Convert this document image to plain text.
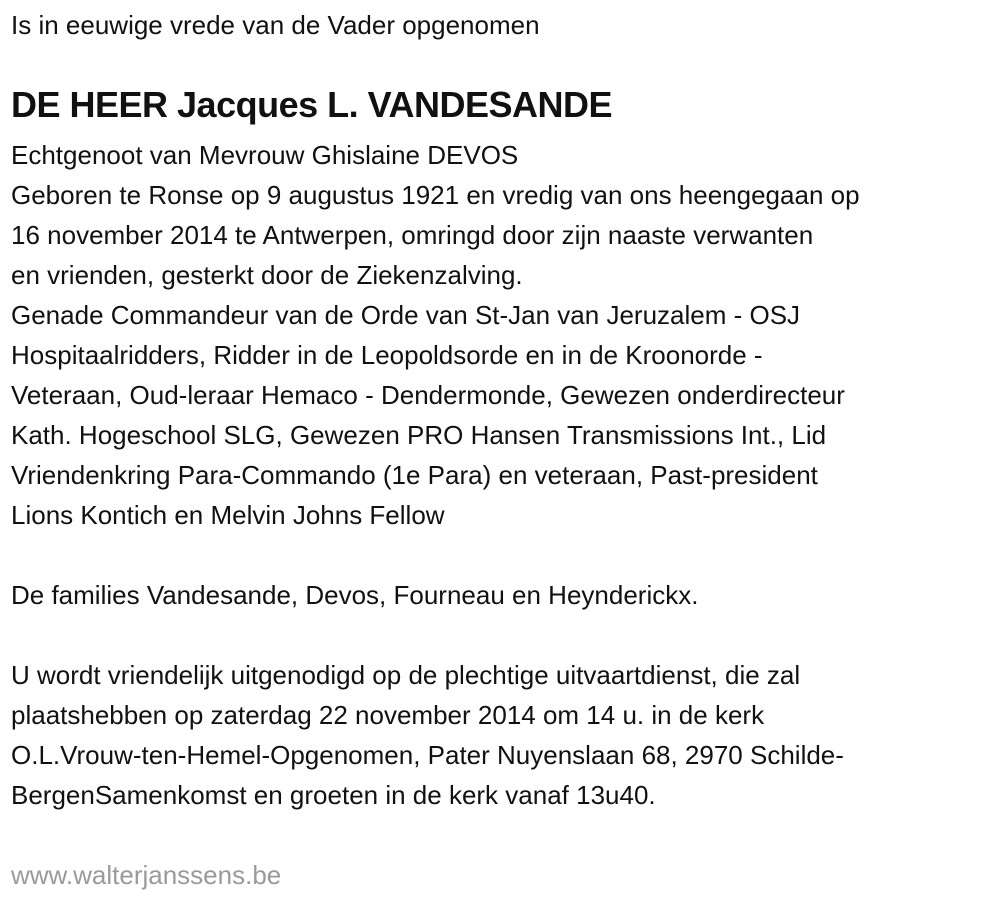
Is in eeuwige vrede van de Vader opgenomen
DE HEER Jacques L. VANDESANDE
Echtgenoot van Mevrouw Ghislaine DEVOS
Geboren te Ronse op 9 augustus 1921 en vredig van ons heengegaan op
16 november 2014 te Antwerpen, omringd door zijn naaste verwanten
en vrienden, gesterkt door de Ziekenzalving.
Genade Commandeur van de Orde van St-Jan van Jeruzalem - OSJ
Hospitaalridders, Ridder in de Leopoldsorde en in de Kroonorde -
Veteraan, Oud-leraar Hemaco - Dendermonde, Gewezen onderdirecteur
Kath. Hogeschool SLG, Gewezen PRO Hansen Transmissions Int., Lid
Vriendenkring Para-Commando (1e Para) en veteraan, Past-president
Lions Kontich en Melvin Johns Fellow
De families Vandesande, Devos, Fourneau en Heynderickx.
U wordt vriendelijk uitgenodigd op de plechtige uitvaartdienst, die zal
plaatshebben op zaterdag 22 november 2014 om 14 u. in de kerk
O.L.Vrouw-ten-Hemel-Opgenomen, Pater Nuyenslaan 68, 2970 Schilde-
BergenSamenkomst en groeten in de kerk vanaf 13u40.
www.walterjanssens.be
